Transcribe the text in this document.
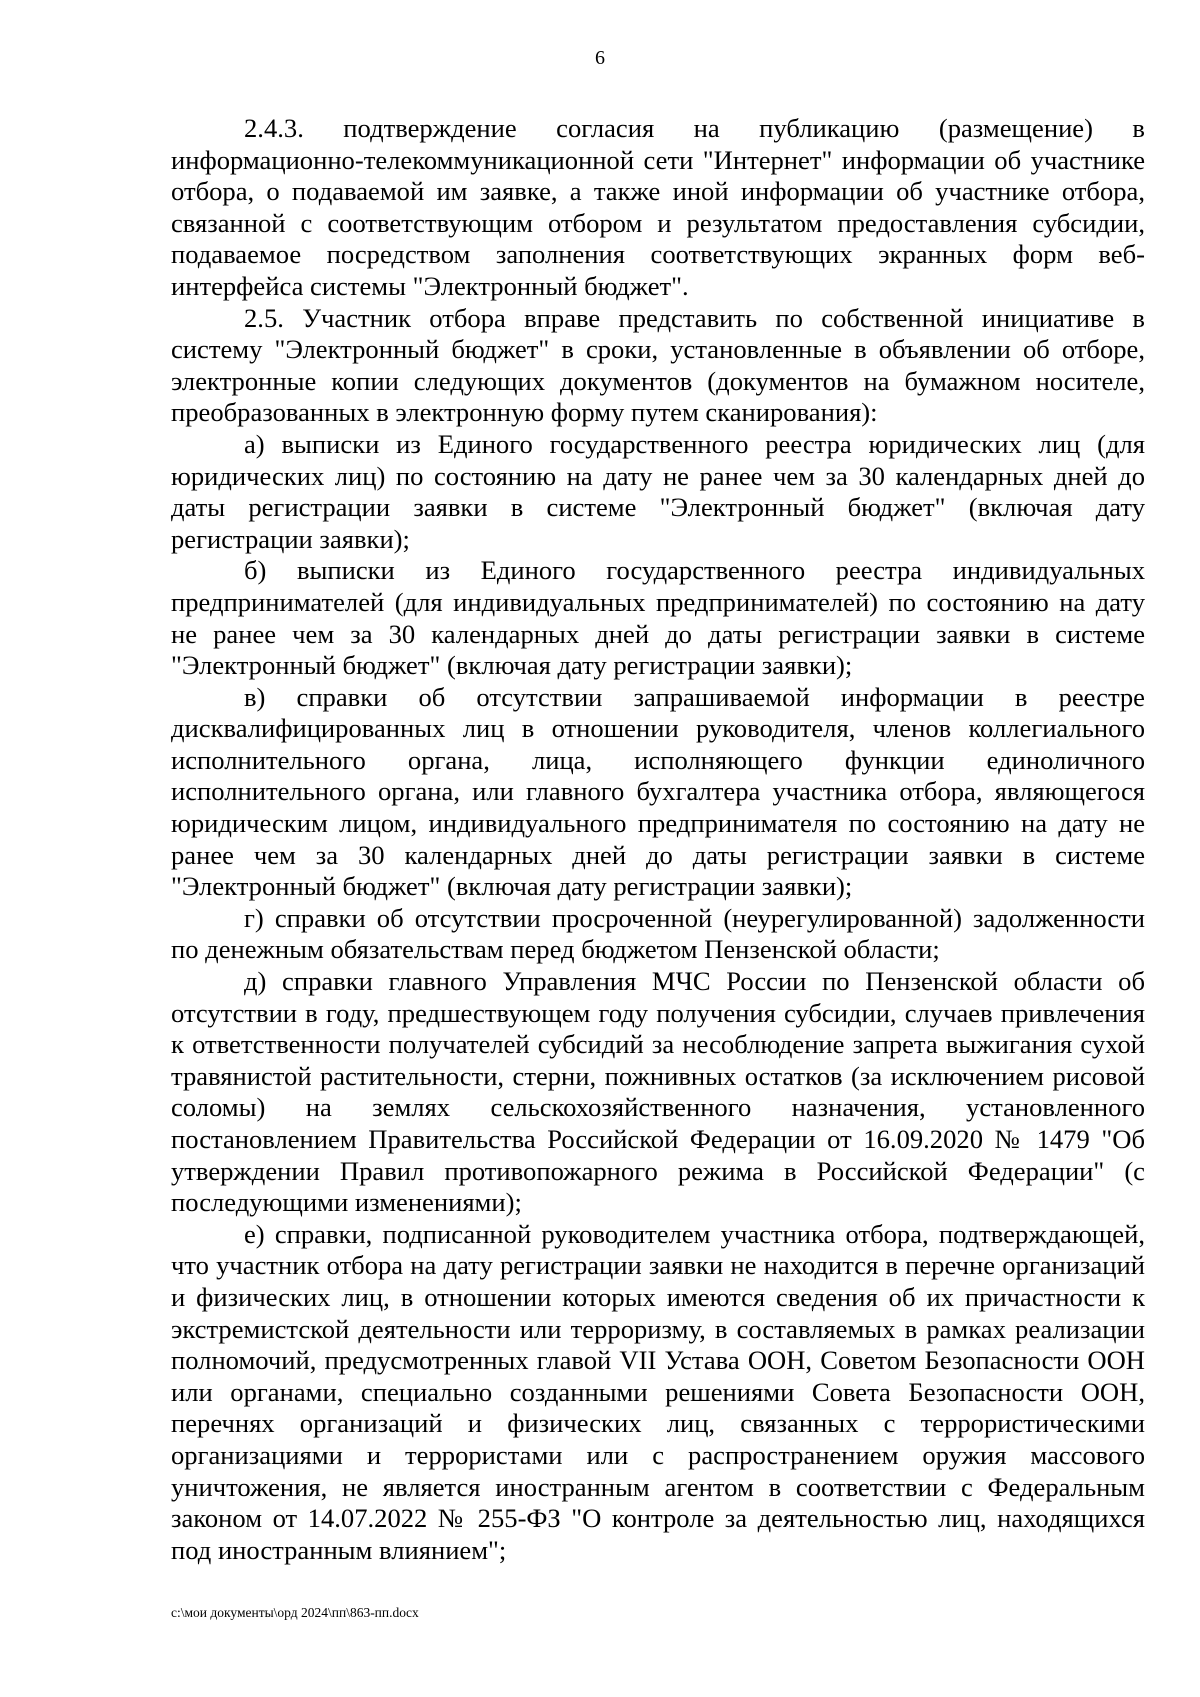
6

2.4.3. подтверждение согласия на публикацию (размещение) в информационно-телекоммуникационной сети "Интернет" информации об участнике отбора, о подаваемой им заявке, а также иной информации об участнике отбора, связанной с соответствующим отбором и результатом предоставления субсидии, подаваемое посредством заполнения соответствующих экранных форм веб-интерфейса системы "Электронный бюджет".

2.5. Участник отбора вправе представить по собственной инициативе в систему "Электронный бюджет" в сроки, установленные в объявлении об отборе, электронные копии следующих документов (документов на бумажном носителе, преобразованных в электронную форму путем сканирования):

а) выписки из Единого государственного реестра юридических лиц (для юридических лиц) по состоянию на дату не ранее чем за 30 календарных дней до даты регистрации заявки в системе "Электронный бюджет" (включая дату регистрации заявки);

б) выписки из Единого государственного реестра индивидуальных предпринимателей (для индивидуальных предпринимателей) по состоянию на дату не ранее чем за 30 календарных дней до даты регистрации заявки в системе "Электронный бюджет" (включая дату регистрации заявки);

в) справки об отсутствии запрашиваемой информации в реестре дисквалифицированных лиц в отношении руководителя, членов коллегиального исполнительного органа, лица, исполняющего функции единоличного исполнительного органа, или главного бухгалтера участника отбора, являющегося юридическим лицом, индивидуального предпринимателя по состоянию на дату не ранее чем за 30 календарных дней до даты регистрации заявки в системе "Электронный бюджет" (включая дату регистрации заявки);

г) справки об отсутствии просроченной (неурегулированной) задолженности по денежным обязательствам перед бюджетом Пензенской области;

д) справки главного Управления МЧС России по Пензенской области об отсутствии в году, предшествующем году получения субсидии, случаев привлечения к ответственности получателей субсидий за несоблюдение запрета выжигания сухой травянистой растительности, стерни, пожнивных остатков (за исключением рисовой соломы) на землях сельскохозяйственного назначения, установленного постановлением Правительства Российской Федерации от 16.09.2020 № 1479 "Об утверждении Правил противопожарного режима в Российской Федерации" (с последующими изменениями);

е) справки, подписанной руководителем участника отбора, подтверждающей, что участник отбора на дату регистрации заявки не находится в перечне организаций и физических лиц, в отношении которых имеются сведения об их причастности к экстремистской деятельности или терроризму, в составляемых в рамках реализации полномочий, предусмотренных главой VII Устава ООН, Советом Безопасности ООН или органами, специально созданными решениями Совета Безопасности ООН, перечнях организаций и физических лиц, связанных с террористическими организациями и террористами или с распространением оружия массового уничтожения, не является иностранным агентом в соответствии с Федеральным законом от 14.07.2022 № 255-ФЗ "О контроле за деятельностью лиц, находящихся под иностранным влиянием";

c:\мои документы\орд 2024\пп\863-пп.docx
